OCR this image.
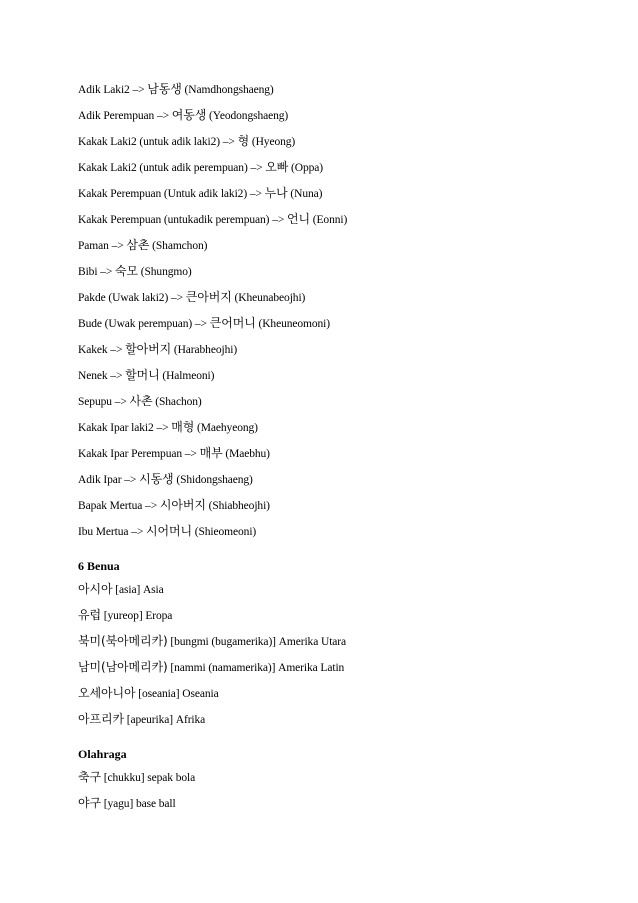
Adik Laki2 –> 남동생 (Namdhongshaeng)
Adik Perempuan –> 여동생 (Yeodongshaeng)
Kakak Laki2 (untuk adik laki2) –> 형 (Hyeong)
Kakak Laki2 (untuk adik perempuan) –> 오빠 (Oppa)
Kakak Perempuan (Untuk adik laki2) –> 누나 (Nuna)
Kakak Perempuan (untukadik perempuan) –> 언니 (Eonni)
Paman –> 삼촌 (Shamchon)
Bibi –> 숙모 (Shungmo)
Pakde (Uwak laki2) –> 큰아버지 (Kheunabeojhi)
Bude (Uwak perempuan) –> 큰어머니 (Kheuneomoni)
Kakek –> 할아버지 (Harabheojhi)
Nenek –> 할머니 (Halmeoni)
Sepupu –> 사촌 (Shachon)
Kakak Ipar laki2 –> 매형 (Maehyeong)
Kakak Ipar Perempuan –> 매부 (Maebhu)
Adik Ipar –> 시동생 (Shidongshaeng)
Bapak Mertua –> 시아버지 (Shiabheojhi)
Ibu Mertua –> 시어머니 (Shieomeoni)
6 Benua
아시아 [asia] Asia
유럽 [yureop] Eropa
북미(북아메리카) [bungmi (bugamerika)] Amerika Utara
남미(남아메리카) [nammi (namamerika)] Amerika Latin
오세아니아 [oseania] Oseania
아프리카 [apeurika] Afrika
Olahraga
축구 [chukku] sepak bola
야구 [yagu] base ball
